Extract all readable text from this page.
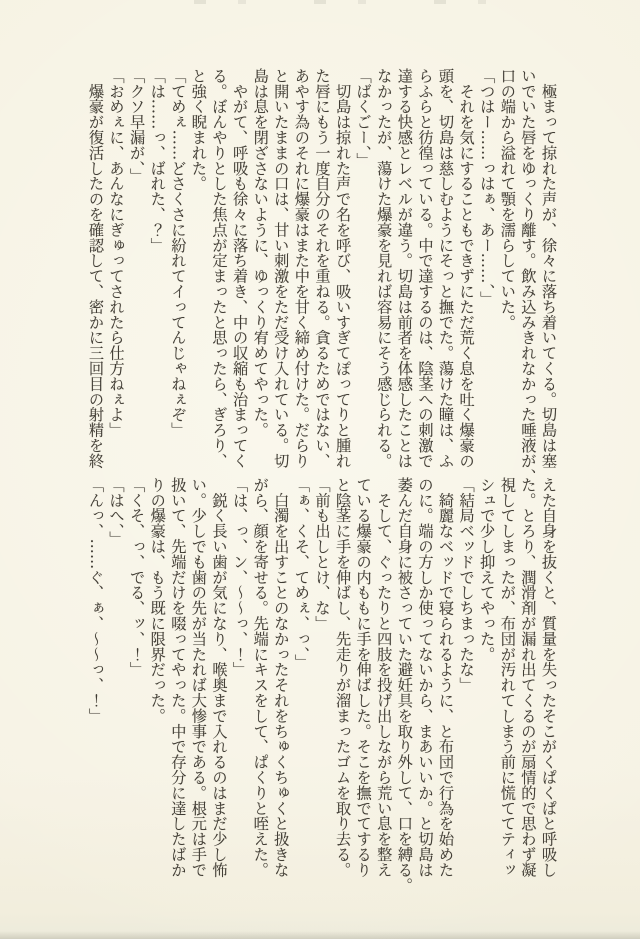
　極まって掠れた声が、徐々に落ち着いてくる。切島は塞
いでいた唇をゆっくり離す。飲み込みきれなかった唾液が、
口の端から溢れて顎を濡らしていた。
「つはー……っはぁ、あー……、」
　それを気にすることもできずにただ荒く息を吐く爆豪の
頭を、切島は慈しむようにそっと撫でた。蕩けた瞳は、ふ
らふらと彷徨っている。中で達するのは、陰茎への刺激で
達する快感とレベルが違う。切島は前者を体感したことは
なかったが、蕩けた爆豪を見れば容易にそう感じられる。
「ばくごー、」
　切島は掠れた声で名を呼び、吸いすぎてぽってりと腫れ
た唇にもう一度自分のそれを重ねる。貪るためではない、
あやす為のそれに爆豪はまた中を甘く締め付けた。だらり
と開いたままの口は、甘い刺激をただ受け入れている。切
島は息を閉ざさないように、ゆっくり宥めてやった。
　やがて、呼吸も徐々に落ち着き、中の収縮も治まってく
る。ぼんやりとした焦点が定まったと思ったら、ぎろり、
と強く睨まれた。
「てめぇ……どさくさに紛れてイってんじゃねぇぞ」
「は……っ、ばれた、？」
「クソ早漏が、」
「おめぇに、あんなにぎゅってされたら仕方ねぇよ」
　爆豪が復活したのを確認して、密かに三回目の射精を終
えた自身を抜くと、質量を失ったそこがくぱくぱと呼吸し
た。とろり、潤滑剤が漏れ出てくるのが扇情的で思わず凝
視してしまったが、布団が汚れてしまう前に慌ててティッ
シュで少し抑えてやった。
「結局ベッドでしちまったな」
　綺麗なベッドで寝られるように、と布団で行為を始めた
のに。端の方しか使ってないから、まあいいか。と切島は
萎んだ自身に被さっていた避妊具を取り外して、口を縛る。
　そして、ぐったりと四肢を投げ出しながら荒い息を整え
ている爆豪の内ももに手を伸ばした。そこを撫でてするり
と陰茎に手を伸ばし、先走りが溜まったゴムを取り去る。
「前も出しとけ、な」
「ぁ、くそ、てめぇ、っ、」
　白濁を出すことのなかったそれをちゅくちゅくと扱きな
がら、顔を寄せる。先端にキスをして、ぱくりと咥えた。
「は、っ、ン、〜〜っ、！」
　鋭く長い歯が気になり、喉奥まで入れるのはまだ少し怖
い。少しでも歯の先が当たれば大惨事である。根元は手で
扱いて、先端だけを啜ってやった。中で存分に達したばか
りの爆豪は、もう既に限界だった。
「くそ、っ、でる、ッ、！」
「はへ、」
「んっ、……ぐ、ぁ、〜〜っ、！」
